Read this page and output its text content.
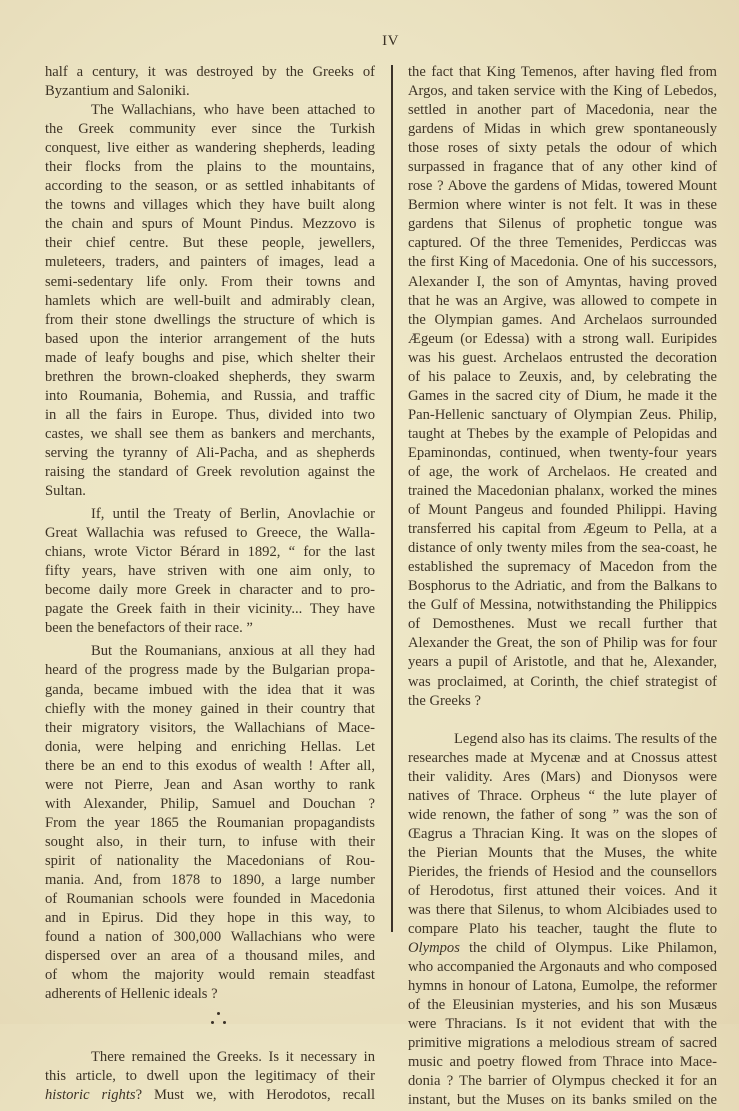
IV
half a century, it was destroyed by the Greeks of
Byzantium and Saloniki.
The Wallachians, who have been attached to
the Greek community ever since the Turkish
conquest, live either as wandering shepherds, leading
their flocks from the plains to the mountains,
according to the season, or as settled inhabitants of
the towns and villages which they have built along
the chain and spurs of Mount Pindus. Mezzovo is
their chief centre. But these people, jewellers,
muleteers, traders, and painters of images, lead a
semi-sedentary life only. From their towns and
hamlets which are well-built and admirably clean,
from their stone dwellings the structure of which is
based upon the interior arrangement of the huts
made of leafy boughs and pise, which shelter their
brethren the brown-cloaked shepherds, they swarm
into Roumania, Bohemia, and Russia, and traffic
in all the fairs in Europe. Thus, divided into two
castes, we shall see them as bankers and merchants,
serving the tyranny of Ali-Pacha, and as shepherds
raising the standard of Greek revolution against the
Sultan.
If, until the Treaty of Berlin, Anovlachie or
Great Wallachia was refused to Greece, the Walla-
chians, wrote Victor Bérard in 1892, “ for the last
fifty years, have striven with one aim only, to
become daily more Greek in character and to pro-
pagate the Greek faith in their vicinity... They have
been the benefactors of their race. ”
But the Roumanians, anxious at all they had
heard of the progress made by the Bulgarian propa-
ganda, became imbued with the idea that it was
chiefly with the money gained in their country that
their migratory visitors, the Wallachians of Mace-
donia, were helping and enriching Hellas. Let
there be an end to this exodus of wealth ! After all,
were not Pierre, Jean and Asan worthy to rank
with Alexander, Philip, Samuel and Douchan ?
From the year 1865 the Roumanian propagandists
sought also, in their turn, to infuse with their
spirit of nationality the Macedonians of Rou-
mania. And, from 1878 to 1890, a large number
of Roumanian schools were founded in Macedonia
and in Epirus. Did they hope in this way, to
found a nation of 300,000 Wallachians who were
dispersed over an area of a thousand miles, and
of whom the majority would remain steadfast
adherents of Hellenic ideals ?
There remained the Greeks. Is it necessary in
this article, to dwell upon the legitimacy of their
historic rights? Must we, with Herodotos, recall
the fact that King Temenos, after having fled from
Argos, and taken service with the King of Lebedos,
settled in another part of Macedonia, near the
gardens of Midas in which grew spontaneously
those roses of sixty petals the odour of which
surpassed in fragance that of any other kind of
rose ? Above the gardens of Midas, towered Mount
Bermion where winter is not felt. It was in these
gardens that Silenus of prophetic tongue was
captured. Of the three Temenides, Perdiccas was
the first King of Macedonia. One of his successors,
Alexander I, the son of Amyntas, having proved
that he was an Argive, was allowed to compete in
the Olympian games. And Archelaos surrounded
Ægeum (or Edessa) with a strong wall. Euripides
was his guest. Archelaos entrusted the decoration
of his palace to Zeuxis, and, by celebrating the
Games in the sacred city of Dium, he made it the
Pan-Hellenic sanctuary of Olympian Zeus. Philip,
taught at Thebes by the example of Pelopidas and
Epaminondas, continued, when twenty-four years
of age, the work of Archelaos. He created and
trained the Macedonian phalanx, worked the mines
of Mount Pangeus and founded Philippi. Having
transferred his capital from Ægeum to Pella, at a
distance of only twenty miles from the sea-coast, he
established the supremacy of Macedon from the
Bosphorus to the Adriatic, and from the Balkans to
the Gulf of Messina, notwithstanding the Philippics
of Demosthenes. Must we recall further that
Alexander the Great, the son of Philip was for four
years a pupil of Aristotle, and that he, Alexander,
was proclaimed, at Corinth, the chief strategist of
the Greeks ?
Legend also has its claims. The results of the
researches made at Mycenæ and at Cnossus attest
their validity. Ares (Mars) and Dionysos were
natives of Thrace. Orpheus “ the lute player of
wide renown, the father of song ” was the son of
Œagrus a Thracian King. It was on the slopes of
the Pierian Mounts that the Muses, the white
Pierides, the friends of Hesiod and the counsellors
of Herodotus, first attuned their voices. And it
was there that Silenus, to whom Alcibiades used to
compare Plato his teacher, taught the flute to
Olympos the child of Olympus. Like Philamon,
who accompanied the Argonauts and who composed
hymns in honour of Latona, Eumolpe, the reformer
of the Eleusinian mysteries, and his son Musæus
were Thracians. Is it not evident that with the
primitive migrations a melodious stream of sacred
music and poetry flowed from Thrace into Mace-
donia ? The barrier of Olympus checked it for an
instant, but the Muses on its banks smiled on the
